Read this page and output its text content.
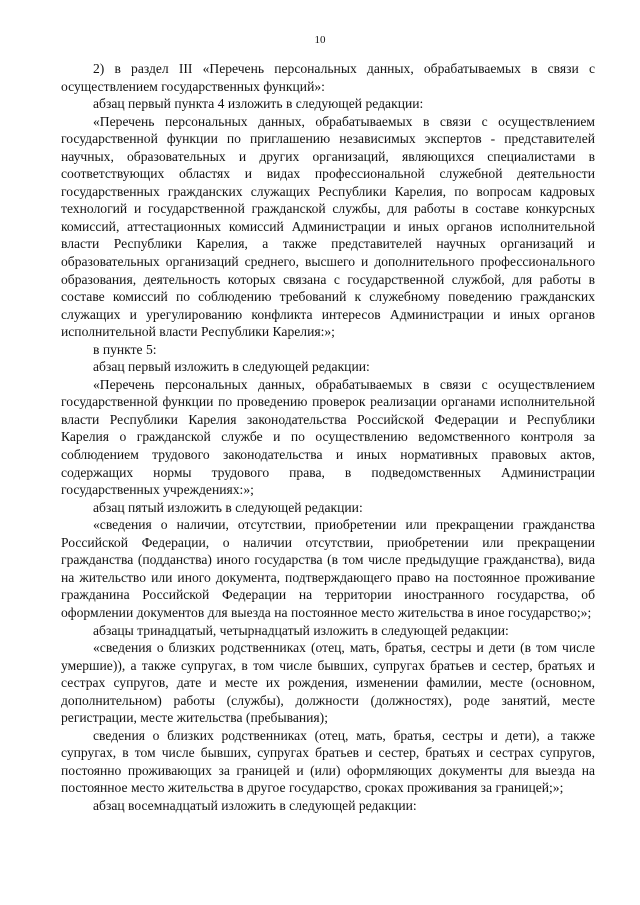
10

2) в раздел III «Перечень персональных данных, обрабатываемых в связи с осуществлением государственных функций»:

абзац первый пункта 4 изложить в следующей редакции:

«Перечень персональных данных, обрабатываемых в связи с осуществлением государственной функции по приглашению независимых экспертов - представителей научных, образовательных и других организаций, являющихся специалистами в соответствующих областях и видах профессиональной служебной деятельности государственных гражданских служащих Республики Карелия, по вопросам кадровых технологий и государственной гражданской службы, для работы в составе конкурсных комиссий, аттестационных комиссий Администрации и иных органов исполнительной власти Республики Карелия, а также представителей научных организаций и образовательных организаций среднего, высшего и дополнительного профессионального образования, деятельность которых связана с государственной службой, для работы в составе комиссий по соблюдению требований к служебному поведению гражданских служащих и урегулированию конфликта интересов Администрации и иных органов исполнительной власти Республики Карелия:»;

в пункте 5:

абзац первый изложить в следующей редакции:

«Перечень персональных данных, обрабатываемых в связи с осуществлением государственной функции по проведению проверок реализации органами исполнительной власти Республики Карелия законодательства Российской Федерации и Республики Карелия о гражданской службе и по осуществлению ведомственного контроля за соблюдением трудового законодательства и иных нормативных правовых актов, содержащих нормы трудового права, в подведомственных Администрации государственных учреждениях:»;

абзац пятый изложить в следующей редакции:

«сведения о наличии, отсутствии, приобретении или прекращении гражданства Российской Федерации, о наличии отсутствии, приобретении или прекращении гражданства (подданства) иного государства (в том числе предыдущие гражданства), вида на жительство или иного документа, подтверждающего право на постоянное проживание гражданина Российской Федерации на территории иностранного государства, об оформлении документов для выезда на постоянное место жительства в иное государство;»;

абзацы тринадцатый, четырнадцатый изложить в следующей редакции:

«сведения о близких родственниках (отец, мать, братья, сестры и дети (в том числе умершие)), а также супругах, в том числе бывших, супругах братьев и сестер, братьях и сестрах супругов, дате и месте их рождения, изменении фамилии, месте (основном, дополнительном) работы (службы), должности (должностях), роде занятий, месте регистрации, месте жительства (пребывания);

сведения о близких родственниках (отец, мать, братья, сестры и дети), а также супругах, в том числе бывших, супругах братьев и сестер, братьях и сестрах супругов, постоянно проживающих за границей и (или) оформляющих документы для выезда на постоянное место жительства в другое государство, сроках проживания за границей;»;

абзац восемнадцатый изложить в следующей редакции:
